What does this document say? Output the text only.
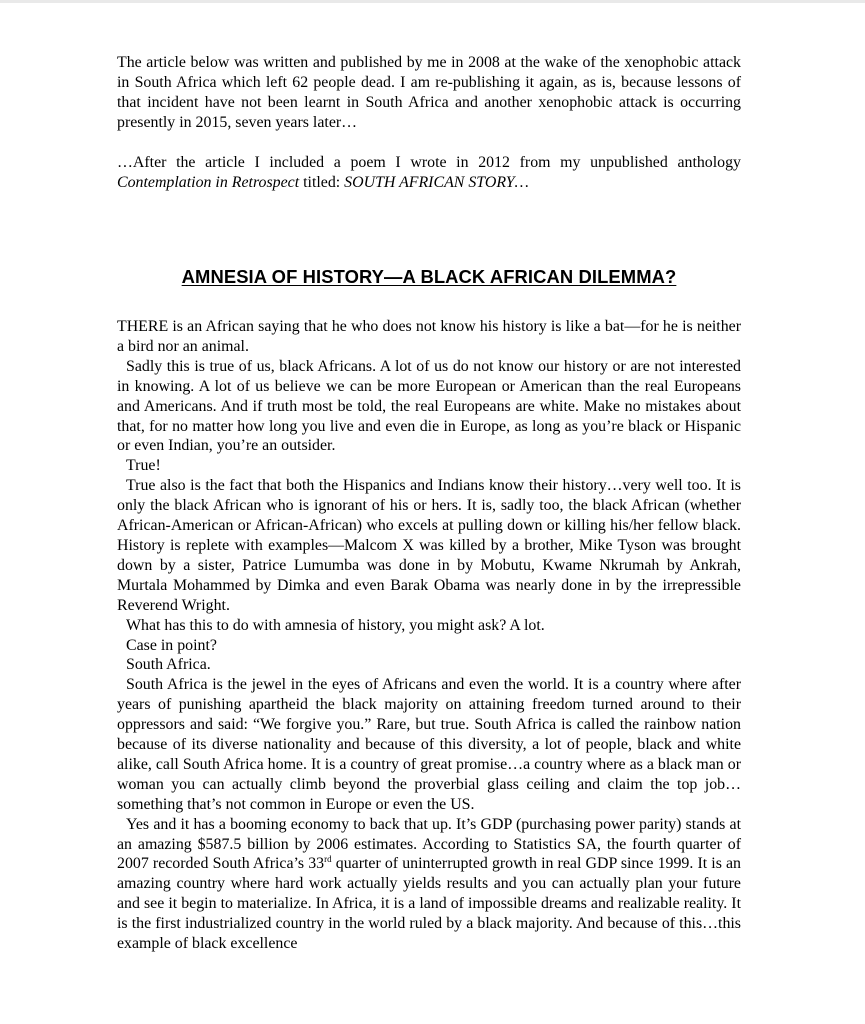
The article below was written and published by me in 2008 at the wake of the xenophobic attack in South Africa which left 62 people dead. I am re-publishing it again, as is, because lessons of that incident have not been learnt in South Africa and another xenophobic attack is occurring presently in 2015, seven years later…

…After the article I included a poem I wrote in 2012 from my unpublished anthology Contemplation in Retrospect titled: SOUTH AFRICAN STORY…

AMNESIA OF HISTORY—A BLACK AFRICAN DILEMMA?

THERE is an African saying that he who does not know his history is like a bat—for he is neither a bird nor an animal.

Sadly this is true of us, black Africans. A lot of us do not know our history or are not interested in knowing. A lot of us believe we can be more European or American than the real Europeans and Americans. And if truth most be told, the real Europeans are white. Make no mistakes about that, for no matter how long you live and even die in Europe, as long as you’re black or Hispanic or even Indian, you’re an outsider.

True!

True also is the fact that both the Hispanics and Indians know their history…very well too. It is only the black African who is ignorant of his or hers. It is, sadly too, the black African (whether African-American or African-African) who excels at pulling down or killing his/her fellow black. History is replete with examples—Malcom X was killed by a brother, Mike Tyson was brought down by a sister, Patrice Lumumba was done in by Mobutu, Kwame Nkrumah by Ankrah, Murtala Mohammed by Dimka and even Barak Obama was nearly done in by the irrepressible Reverend Wright.

What has this to do with amnesia of history, you might ask? A lot.

Case in point?

South Africa.

South Africa is the jewel in the eyes of Africans and even the world. It is a country where after years of punishing apartheid the black majority on attaining freedom turned around to their oppressors and said: “We forgive you.” Rare, but true. South Africa is called the rainbow nation because of its diverse nationality and because of this diversity, a lot of people, black and white alike, call South Africa home. It is a country of great promise…a country where as a black man or woman you can actually climb beyond the proverbial glass ceiling and claim the top job…something that’s not common in Europe or even the US.

Yes and it has a booming economy to back that up. It’s GDP (purchasing power parity) stands at an amazing $587.5 billion by 2006 estimates. According to Statistics SA, the fourth quarter of 2007 recorded South Africa’s 33rd quarter of uninterrupted growth in real GDP since 1999. It is an amazing country where hard work actually yields results and you can actually plan your future and see it begin to materialize. In Africa, it is a land of impossible dreams and realizable reality. It is the first industrialized country in the world ruled by a black majority. And because of this…this example of black excellence
